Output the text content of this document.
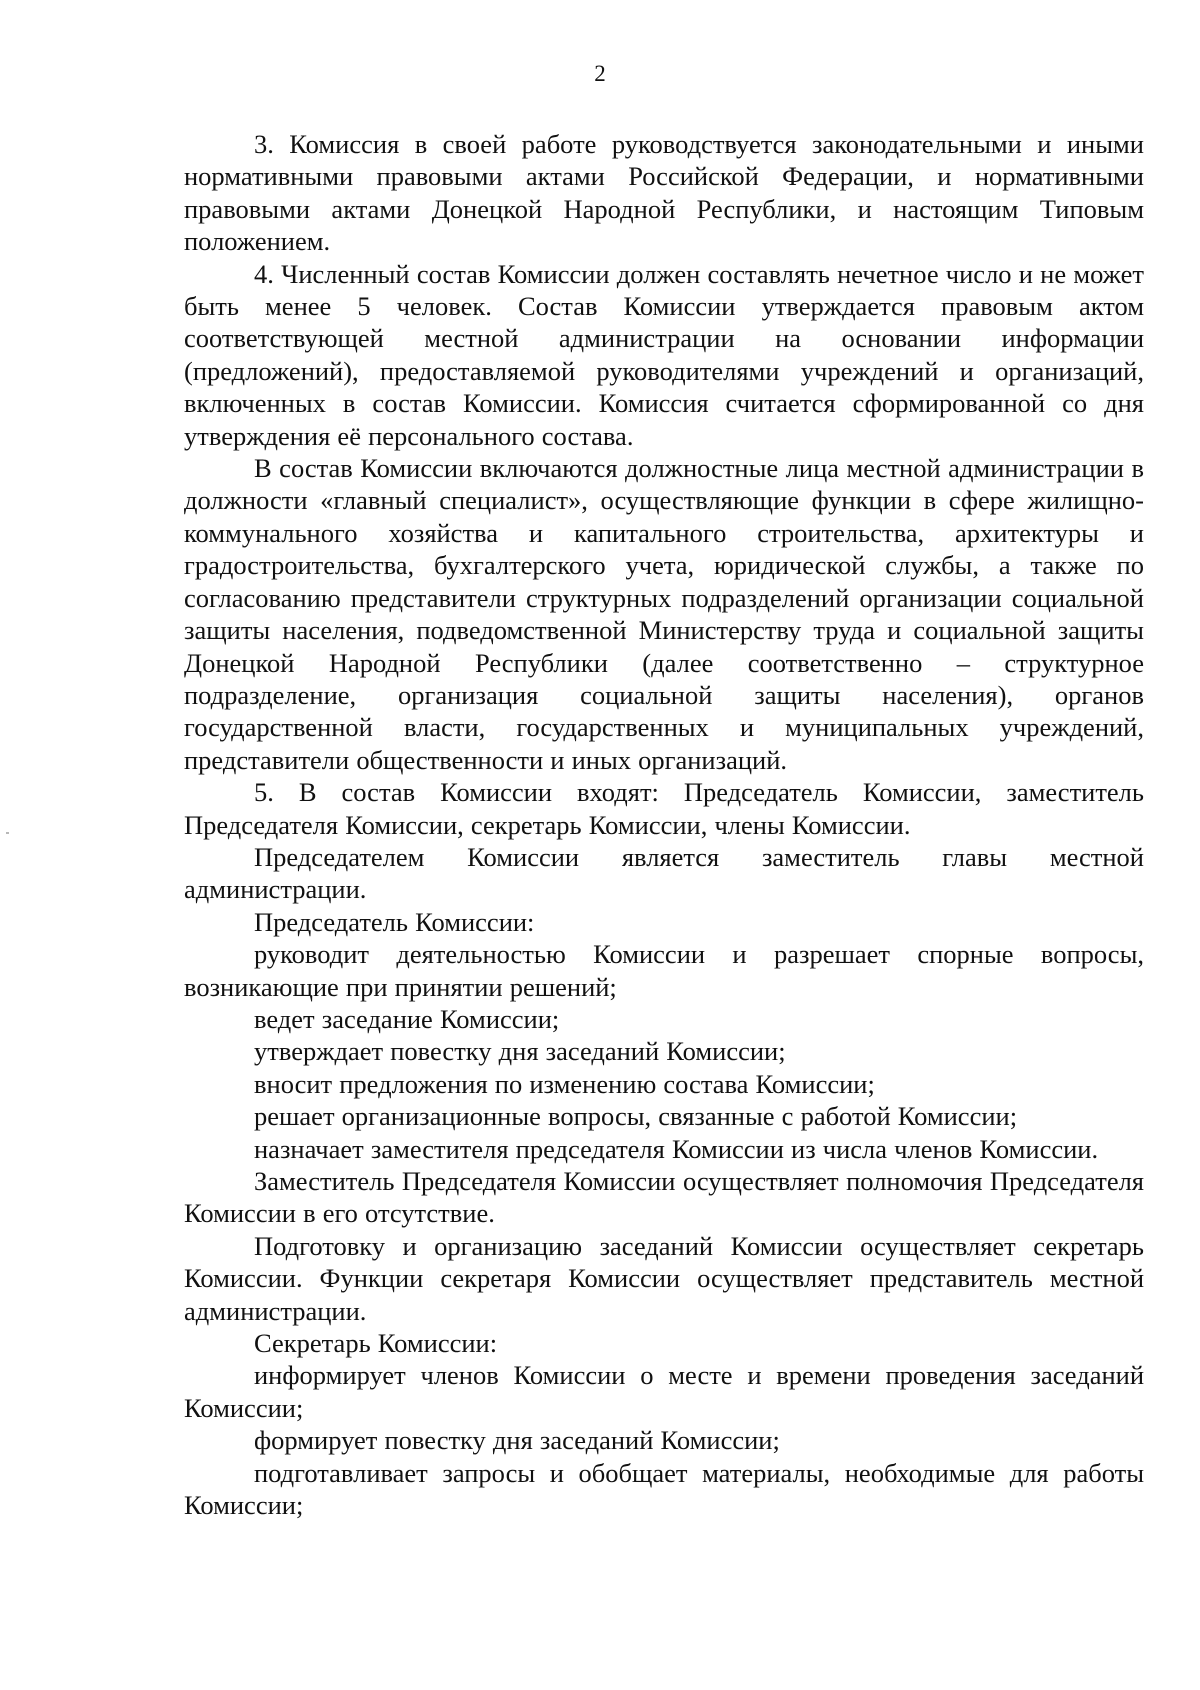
2

3. Комиссия в своей работе руководствуется законодательными и иными нормативными правовыми актами Российской Федерации, и нормативными правовыми актами Донецкой Народной Республики, и настоящим Типовым положением.

4. Численный состав Комиссии должен составлять нечетное число и не может быть менее 5 человек. Состав Комиссии утверждается правовым актом соответствующей местной администрации на основании информации (предложений), предоставляемой руководителями учреждений и организаций, включенных в состав Комиссии. Комиссия считается сформированной со дня утверждения её персонального состава.

В состав Комиссии включаются должностные лица местной администрации в должности «главный специалист», осуществляющие функции в сфере жилищно-коммунального хозяйства и капитального строительства, архитектуры и градостроительства, бухгалтерского учета, юридической службы, а также по согласованию представители структурных подразделений организации социальной защиты населения, подведомственной Министерству труда и социальной защиты Донецкой Народной Республики (далее соответственно – структурное подразделение, организация социальной защиты населения), органов государственной власти, государственных и муниципальных учреждений, представители общественности и иных организаций.

5. В состав Комиссии входят: Председатель Комиссии, заместитель Председателя Комиссии, секретарь Комиссии, члены Комиссии.

Председателем Комиссии является заместитель главы местной администрации.

Председатель Комиссии:

руководит деятельностью Комиссии и разрешает спорные вопросы, возникающие при принятии решений;

ведет заседание Комиссии;

утверждает повестку дня заседаний Комиссии;

вносит предложения по изменению состава Комиссии;

решает организационные вопросы, связанные с работой Комиссии;

назначает заместителя председателя Комиссии из числа членов Комиссии.

Заместитель Председателя Комиссии осуществляет полномочия Председателя Комиссии в его отсутствие.

Подготовку и организацию заседаний Комиссии осуществляет секретарь Комиссии. Функции секретаря Комиссии осуществляет представитель местной администрации.

Секретарь Комиссии:

информирует членов Комиссии о месте и времени проведения заседаний Комиссии;

формирует повестку дня заседаний Комиссии;

подготавливает запросы и обобщает материалы, необходимые для работы Комиссии;
